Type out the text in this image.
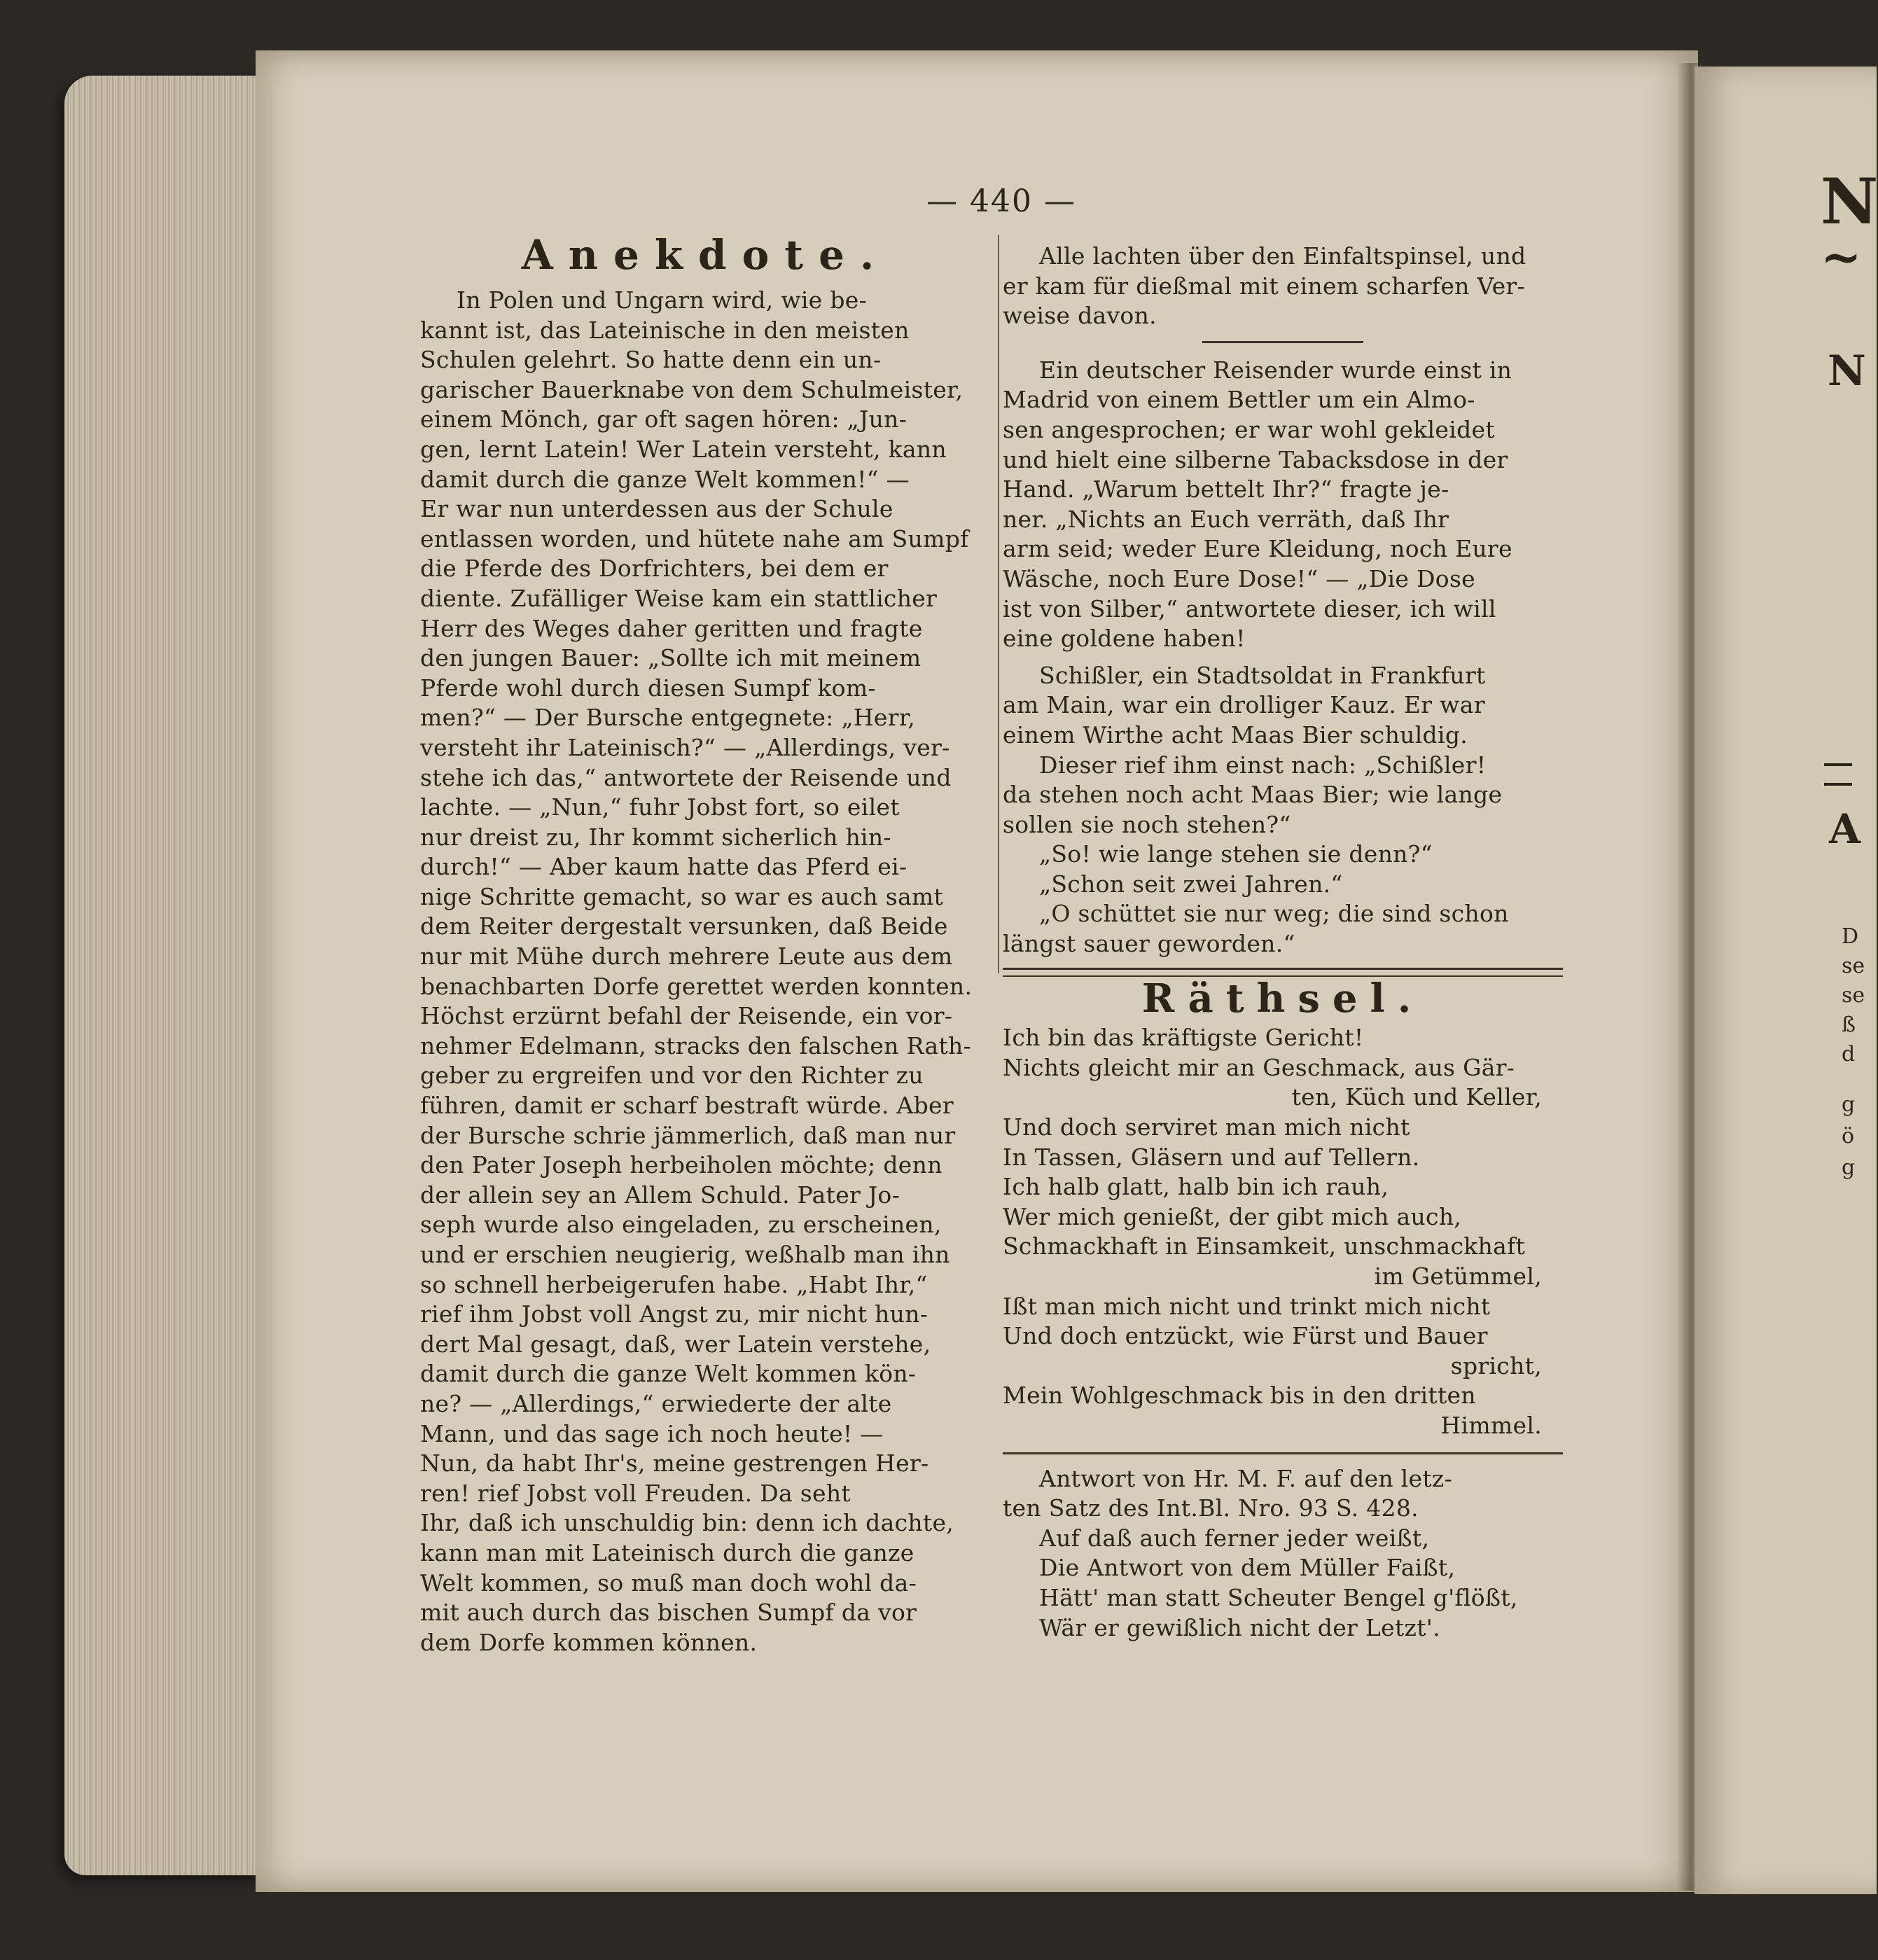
— 440 —
Anekdote.
In Polen und Ungarn wird, wie be-
kannt ist, das Lateinische in den meisten
Schulen gelehrt. So hatte denn ein un-
garischer Bauerknabe von dem Schulmeister,
einem Mönch, gar oft sagen hören: „Jun-
gen, lernt Latein! Wer Latein versteht, kann
damit durch die ganze Welt kommen!“ —
Er war nun unterdessen aus der Schule
entlassen worden, und hütete nahe am Sumpf
die Pferde des Dorfrichters, bei dem er
diente. Zufälliger Weise kam ein stattlicher
Herr des Weges daher geritten und fragte
den jungen Bauer: „Sollte ich mit meinem
Pferde wohl durch diesen Sumpf kom-
men?“ — Der Bursche entgegnete: „Herr,
versteht ihr Lateinisch?“ — „Allerdings, ver-
stehe ich das,“ antwortete der Reisende und
lachte. — „Nun,“ fuhr Jobst fort, so eilet
nur dreist zu, Ihr kommt sicherlich hin-
durch!“ — Aber kaum hatte das Pferd ei-
nige Schritte gemacht, so war es auch samt
dem Reiter dergestalt versunken, daß Beide
nur mit Mühe durch mehrere Leute aus dem
benachbarten Dorfe gerettet werden konnten.
Höchst erzürnt befahl der Reisende, ein vor-
nehmer Edelmann, stracks den falschen Rath-
geber zu ergreifen und vor den Richter zu
führen, damit er scharf bestraft würde. Aber
der Bursche schrie jämmerlich, daß man nur
den Pater Joseph herbeiholen möchte; denn
der allein sey an Allem Schuld. Pater Jo-
seph wurde also eingeladen, zu erscheinen,
und er erschien neugierig, weßhalb man ihn
so schnell herbeigerufen habe. „Habt Ihr,“
rief ihm Jobst voll Angst zu, mir nicht hun-
dert Mal gesagt, daß, wer Latein verstehe,
damit durch die ganze Welt kommen kön-
ne? — „Allerdings,“ erwiederte der alte
Mann, und das sage ich noch heute! —
Nun, da habt Ihr's, meine gestrengen Her-
ren! rief Jobst voll Freuden. Da seht
Ihr, daß ich unschuldig bin: denn ich dachte,
kann man mit Lateinisch durch die ganze
Welt kommen, so muß man doch wohl da-
mit auch durch das bischen Sumpf da vor
dem Dorfe kommen können.
Alle lachten über den Einfaltspinsel, und
er kam für dießmal mit einem scharfen Ver-
weise davon.
Ein deutscher Reisender wurde einst in
Madrid von einem Bettler um ein Almo-
sen angesprochen; er war wohl gekleidet
und hielt eine silberne Tabacksdose in der
Hand. „Warum bettelt Ihr?“ fragte je-
ner. „Nichts an Euch verräth, daß Ihr
arm seid; weder Eure Kleidung, noch Eure
Wäsche, noch Eure Dose!“ — „Die Dose
ist von Silber,“ antwortete dieser, ich will
eine goldene haben!
Schißler, ein Stadtsoldat in Frankfurt
am Main, war ein drolliger Kauz. Er war
einem Wirthe acht Maas Bier schuldig.
Dieser rief ihm einst nach: „Schißler!
da stehen noch acht Maas Bier; wie lange
sollen sie noch stehen?“
„So! wie lange stehen sie denn?“
„Schon seit zwei Jahren.“
„O schüttet sie nur weg; die sind schon
längst sauer geworden.“
Räthsel.
Ich bin das kräftigste Gericht!
Nichts gleicht mir an Geschmack, aus Gär-
ten, Küch und Keller,
Und doch serviret man mich nicht
In Tassen, Gläsern und auf Tellern.
Ich halb glatt, halb bin ich rauh,
Wer mich genießt, der gibt mich auch,
Schmackhaft in Einsamkeit, unschmackhaft
im Getümmel,
Ißt man mich nicht und trinkt mich nicht
Und doch entzückt, wie Fürst und Bauer
spricht,
Mein Wohlgeschmack bis in den dritten
Himmel.
Antwort von Hr. M. F. auf den letz-
ten Satz des Int.Bl. Nro. 93 S. 428.
Auf daß auch ferner jeder weißt,
Die Antwort von dem Müller Faißt,
Hätt' man statt Scheuter Bengel g'flößt,
Wär er gewißlich nicht der Letzt'.
N
~
N
A
D
se
se
ß
d
g
ö
g
